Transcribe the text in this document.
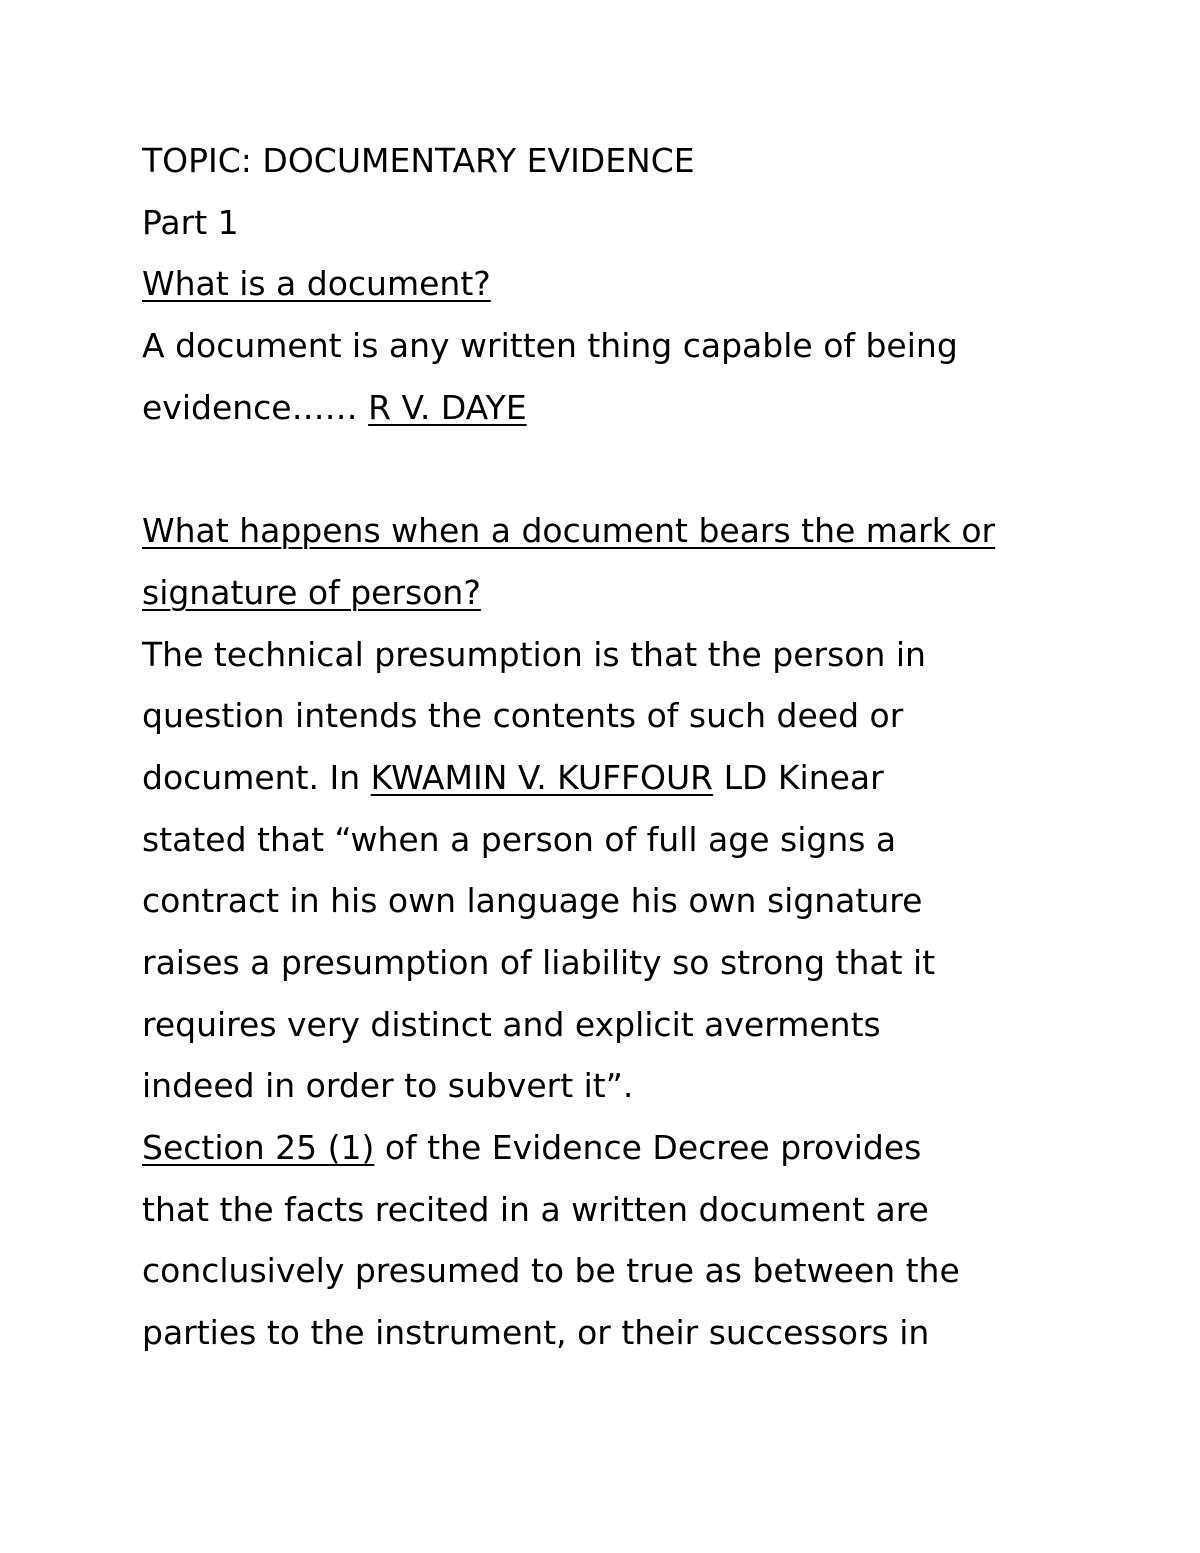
TOPIC: DOCUMENTARY EVIDENCE
Part 1
What is a document?
A document is any written thing capable of being
evidence…… R V. DAYE
What happens when a document bears the mark or
signature of person?
The technical presumption is that the person in
question intends the contents of such deed or
document. In KWAMIN V. KUFFOUR LD Kinear
stated that “when a person of full age signs a
contract in his own language his own signature
raises a presumption of liability so strong that it
requires very distinct and explicit averments
indeed in order to subvert it”.
Section 25 (1) of the Evidence Decree provides
that the facts recited in a written document are
conclusively presumed to be true as between the
parties to the instrument, or their successors in
